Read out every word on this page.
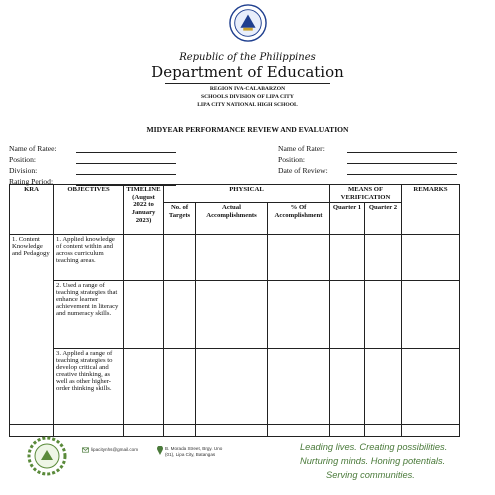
Republic of the Philippines
Department of Education
REGION IVA-CALABARZON
SCHOOLS DIVISION OF LIPA CITY
LIPA CITY NATIONAL HIGH SCHOOL
MIDYEAR PERFORMANCE REVIEW AND EVALUATION
Name of Ratee:
Position:
Division:
Rating Period:
Name of Rater:
Position:
Date of Review:
KRA	OBJECTIVES	TIMELINE (August 2022 to January 2023)	PHYSICAL			MEANS OF VERIFICATION		REMARKS
			No. of Targets	Actual Accomplishments	% Of Accomplishment	Quarter 1	Quarter 2	
1. Content Knowledge and Pedagogy	1. Applied knowledge of content within and across curriculum teaching areas.							
	2. Used a range of teaching strategies that enhance learner achievement in literacy and numeracy skills.							
	3. Applied a range of teaching strategies to develop critical and creative thinking, as well as other higher-order thinking skills.							

lipacitynhs@gmail.com	B. Morada Street, Brgy. Uno (01), Lipa City, Batangas
Leading lives. Creating possibilities.
Nurturing minds. Honing potentials.
Serving communities.
